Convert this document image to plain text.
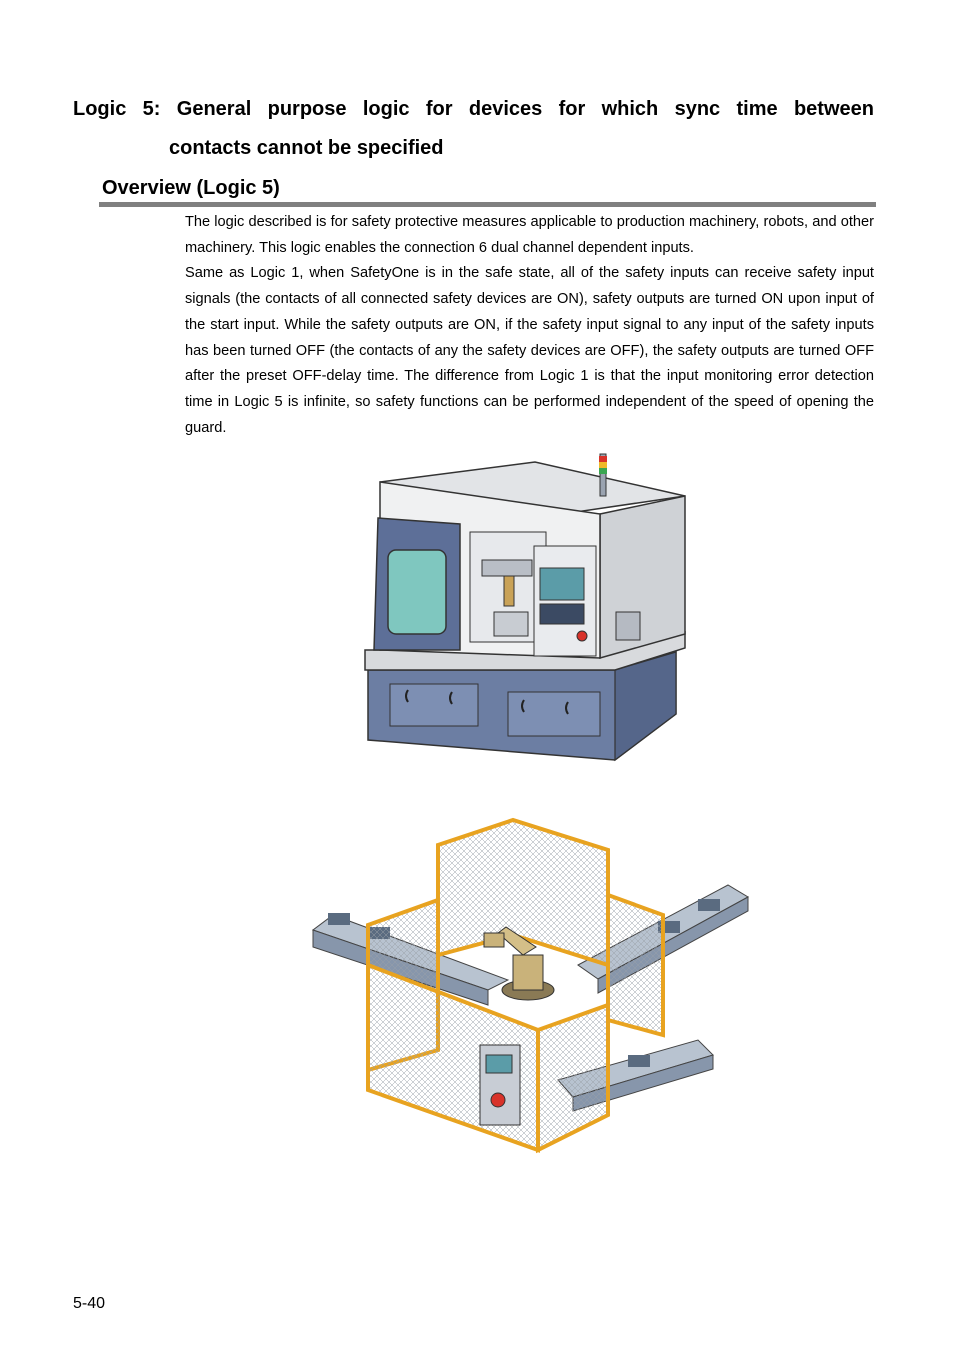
Logic 5: General purpose logic for devices for which sync time between
contacts cannot be specified
Overview (Logic 5)

The logic described is for safety protective measures applicable to production machinery, robots, and other machinery. This logic enables the connection 6 dual channel dependent inputs.

Same as Logic 1, when SafetyOne is in the safe state, all of the safety inputs can receive safety input signals (the contacts of all connected safety devices are ON), safety outputs are turned ON upon input of the start input. While the safety outputs are ON, if the safety input signal to any input of the safety inputs has been turned OFF (the contacts of any the safety devices are OFF), the safety outputs are turned OFF after the preset OFF-delay time. The difference from Logic 1 is that the input monitoring error detection time in Logic 5 is infinite, so safety functions can be performed independent of the speed of opening the guard.

5-40
